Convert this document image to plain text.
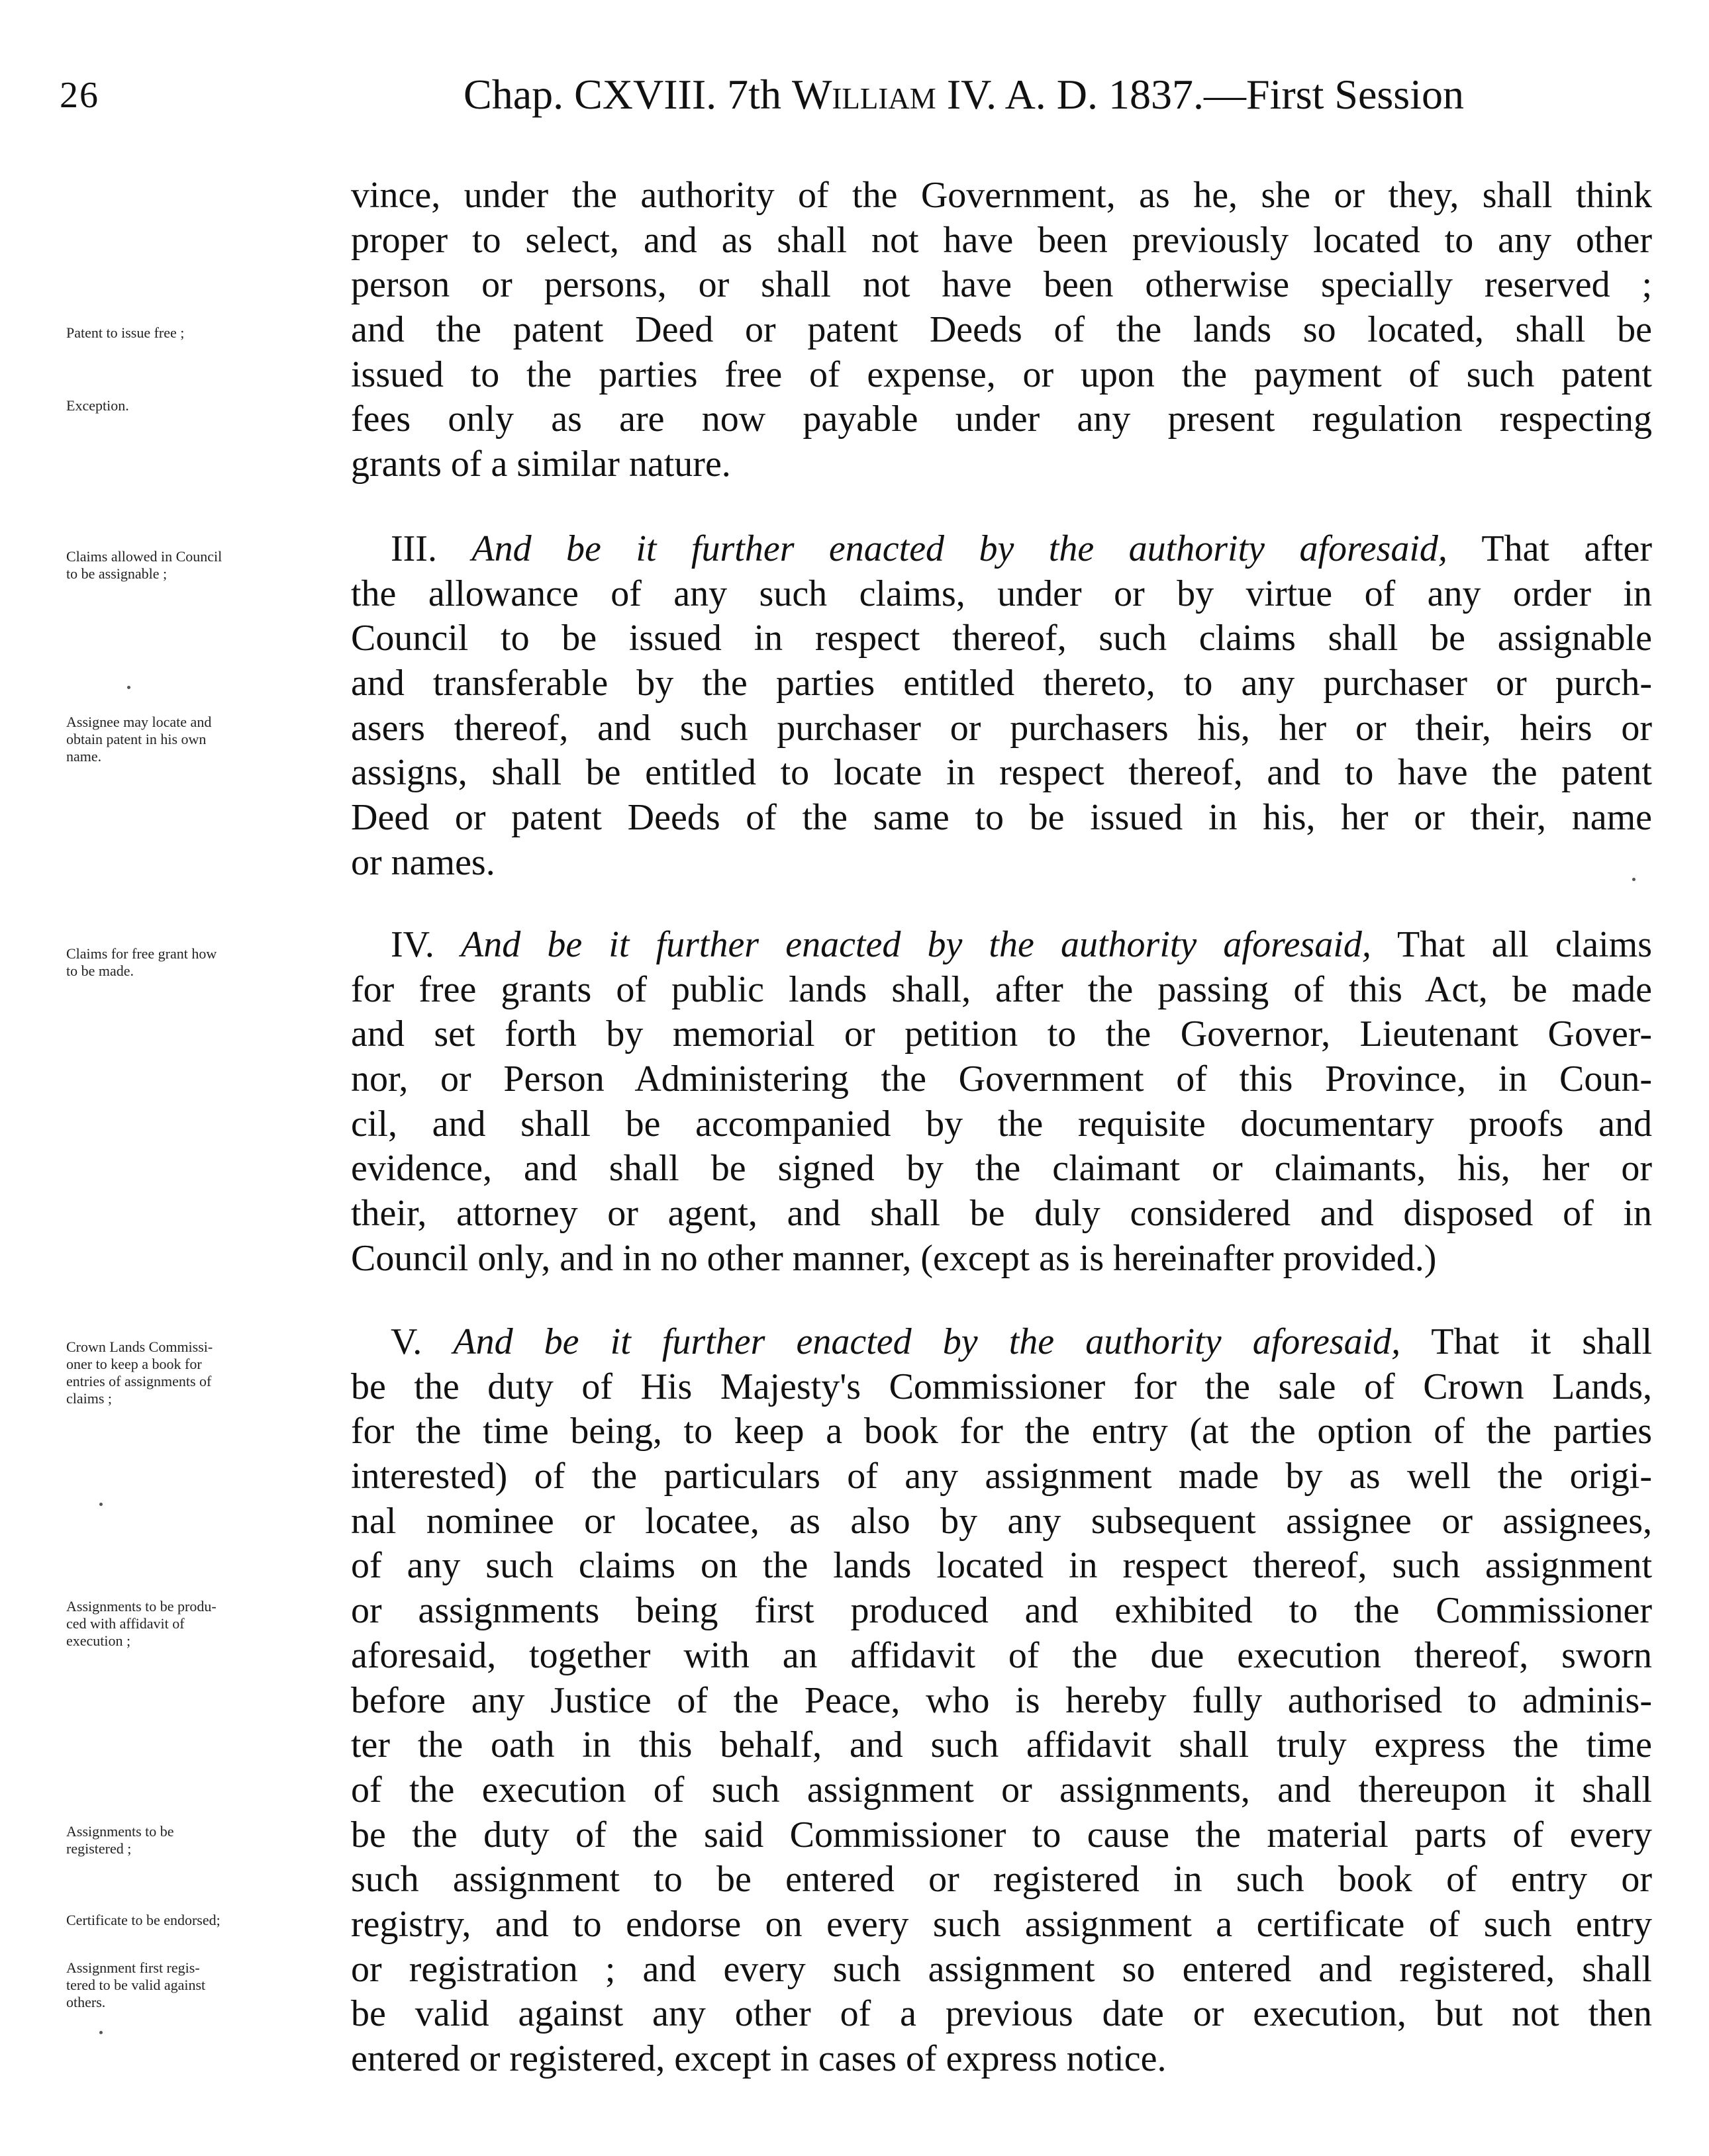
26	Chap. CXVIII. 7th William IV. A. D. 1837.—First Session
vince, under the authority of the Government, as he, she or they, shall think
proper to select, and as shall not have been previously located to any other
person or persons, or shall not have been otherwise specially reserved ;
and the patent Deed or patent Deeds of the lands so located, shall be
issued to the parties free of expense, or upon the payment of such patent
fees only as are now payable under any present regulation respecting
grants of a similar nature.
III. And be it further enacted by the authority aforesaid, That after
the allowance of any such claims, under or by virtue of any order in
Council to be issued in respect thereof, such claims shall be assignable
and transferable by the parties entitled thereto, to any purchaser or purch-
asers thereof, and such purchaser or purchasers his, her or their, heirs or
assigns, shall be entitled to locate in respect thereof, and to have the patent
Deed or patent Deeds of the same to be issued in his, her or their, name
or names.
IV. And be it further enacted by the authority aforesaid, That all claims
for free grants of public lands shall, after the passing of this Act, be made
and set forth by memorial or petition to the Governor, Lieutenant Gover-
nor, or Person Administering the Government of this Province, in Coun-
cil, and shall be accompanied by the requisite documentary proofs and
evidence, and shall be signed by the claimant or claimants, his, her or
their, attorney or agent, and shall be duly considered and disposed of in
Council only, and in no other manner, (except as is hereinafter provided.)
V. And be it further enacted by the authority aforesaid, That it shall
be the duty of His Majesty's Commissioner for the sale of Crown Lands,
for the time being, to keep a book for the entry (at the option of the parties
interested) of the particulars of any assignment made by as well the origi-
nal nominee or locatee, as also by any subsequent assignee or assignees,
of any such claims on the lands located in respect thereof, such assignment
or assignments being first produced and exhibited to the Commissioner
aforesaid, together with an affidavit of the due execution thereof, sworn
before any Justice of the Peace, who is hereby fully authorised to adminis-
ter the oath in this behalf, and such affidavit shall truly express the time
of the execution of such assignment or assignments, and thereupon it shall
be the duty of the said Commissioner to cause the material parts of every
such assignment to be entered or registered in such book of entry or
registry, and to endorse on every such assignment a certificate of such entry
or registration ; and every such assignment so entered and registered, shall
be valid against any other of a previous date or execution, but not then
entered or registered, except in cases of express notice.
Patent to issue free ;
Exception.
Claims allowed in Council
to be assignable ;
Assignee may locate and
obtain patent in his own
name.
Claims for free grant how
to be made.
Crown Lands Commissi-
oner to keep a book for
entries of assignments of
claims ;
Assignments to be produ-
ced with affidavit of
execution ;
Assignments to be
registered ;
Certificate to be endorsed;
Assignment first regis-
tered to be valid against
others.
